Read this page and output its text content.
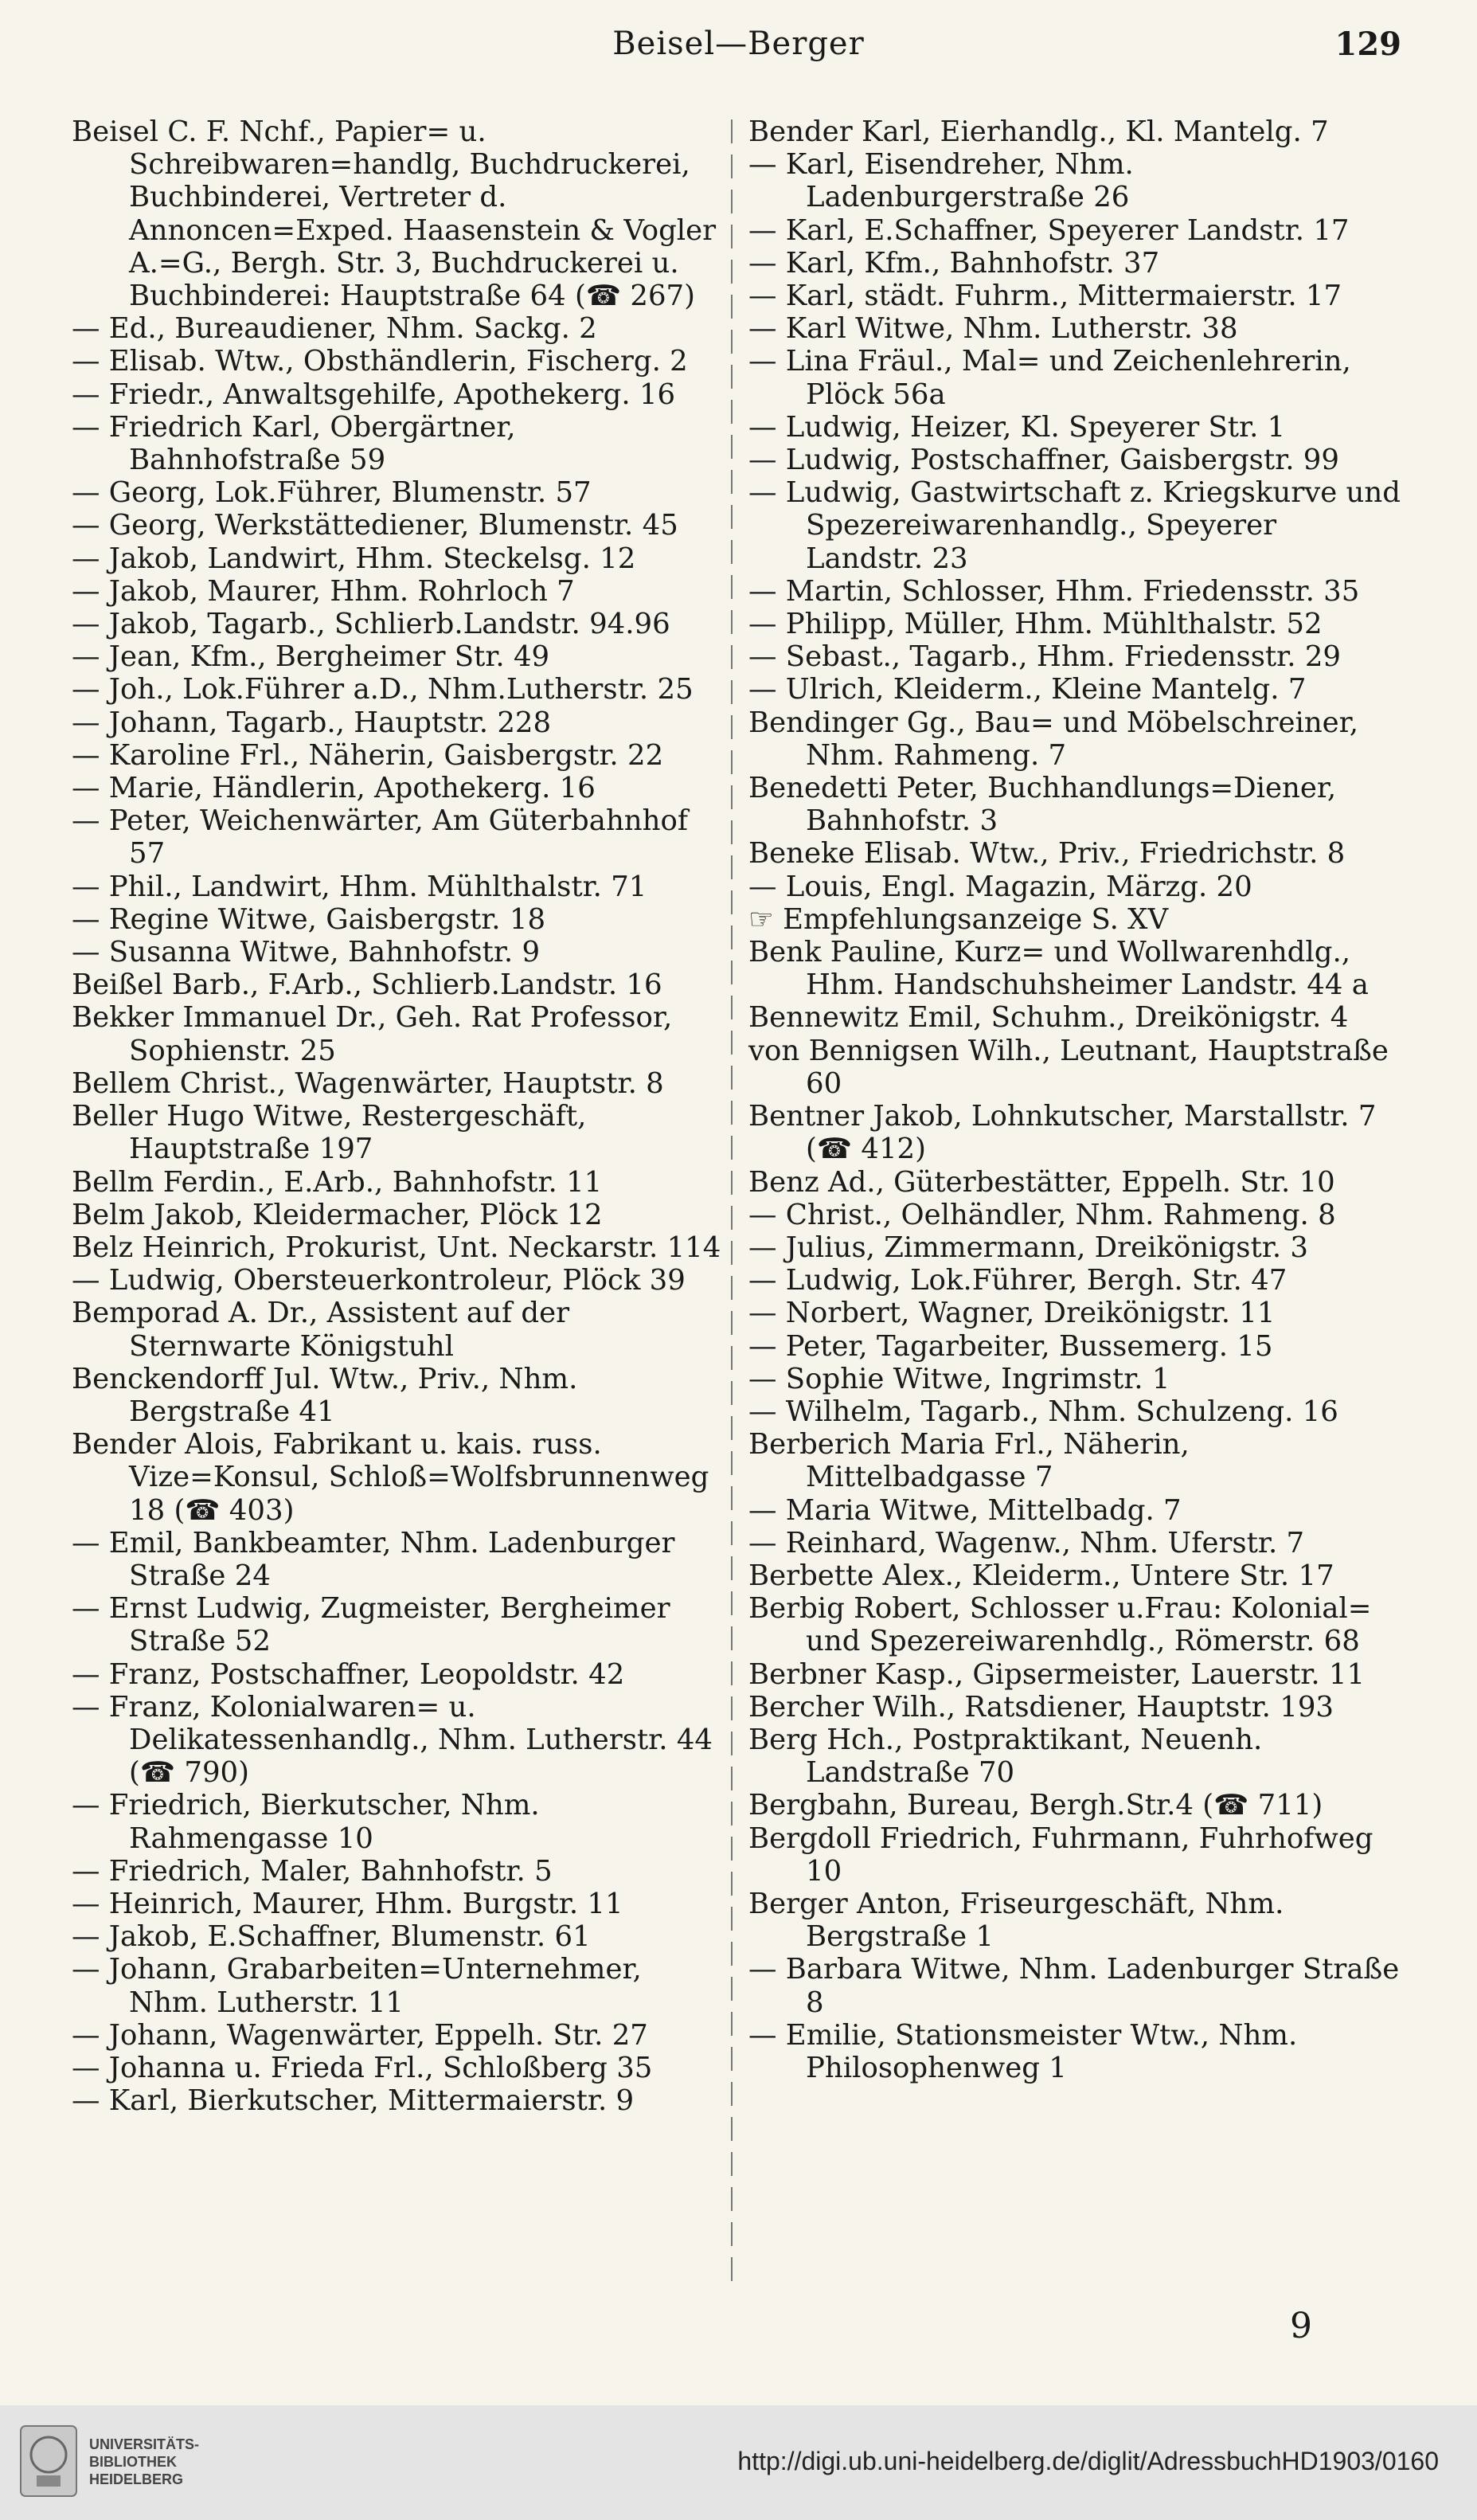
Beisel—Berger	129
Beisel C. F. Nchf., Papier= u. Schreibwaren=handlg, Buchdruckerei, Buchbinderei, Vertreter d. Annoncen=Exped. Haasenstein & Vogler A.=G., Bergh. Str. 3, Buchdruckerei u. Buchbinderei: Hauptstraße 64 (☎ 267)
— Ed., Bureaudiener, Nhm. Sackg. 2
— Elisab. Wtw., Obsthändlerin, Fischerg. 2
— Friedr., Anwaltsgehilfe, Apothekerg. 16
— Friedrich Karl, Obergärtner, Bahnhofstraße 59
— Georg, Lok.Führer, Blumenstr. 57
— Georg, Werkstättediener, Blumenstr. 45
— Jakob, Landwirt, Hhm. Steckelsg. 12
— Jakob, Maurer, Hhm. Rohrloch 7
— Jakob, Tagarb., Schlierb.Landstr. 94.96
— Jean, Kfm., Bergheimer Str. 49
— Joh., Lok.Führer a.D., Nhm.Lutherstr. 25
— Johann, Tagarb., Hauptstr. 228
— Karoline Frl., Näherin, Gaisbergstr. 22
— Marie, Händlerin, Apothekerg. 16
— Peter, Weichenwärter, Am Güterbahnhof 57
— Phil., Landwirt, Hhm. Mühlthalstr. 71
— Regine Witwe, Gaisbergstr. 18
— Susanna Witwe, Bahnhofstr. 9
Beißel Barb., F.Arb., Schlierb.Landstr. 16
Bekker Immanuel Dr., Geh. Rat Professor, Sophienstr. 25
Bellem Christ., Wagenwärter, Hauptstr. 8
Beller Hugo Witwe, Restergeschäft, Hauptstraße 197
Bellm Ferdin., E.Arb., Bahnhofstr. 11
Belm Jakob, Kleidermacher, Plöck 12
Belz Heinrich, Prokurist, Unt. Neckarstr. 114
— Ludwig, Obersteuerkontroleur, Plöck 39
Bemporad A. Dr., Assistent auf der Sternwarte Königstuhl
Benckendorff Jul. Wtw., Priv., Nhm. Bergstraße 41
Bender Alois, Fabrikant u. kais. russ. Vize=Konsul, Schloß=Wolfsbrunnenweg 18 (☎ 403)
— Emil, Bankbeamter, Nhm. Ladenburger Straße 24
— Ernst Ludwig, Zugmeister, Bergheimer Straße 52
— Franz, Postschaffner, Leopoldstr. 42
— Franz, Kolonialwaren= u. Delikatessenhandlg., Nhm. Lutherstr. 44 (☎ 790)
— Friedrich, Bierkutscher, Nhm. Rahmengasse 10
— Friedrich, Maler, Bahnhofstr. 5
— Heinrich, Maurer, Hhm. Burgstr. 11
— Jakob, E.Schaffner, Blumenstr. 61
— Johann, Grabarbeiten=Unternehmer, Nhm. Lutherstr. 11
— Johann, Wagenwärter, Eppelh. Str. 27
— Johanna u. Frieda Frl., Schloßberg 35
— Karl, Bierkutscher, Mittermaierstr. 9
Bender Karl, Eierhandlg., Kl. Mantelg. 7
— Karl, Eisendreher, Nhm. Ladenburgerstraße 26
— Karl, E.Schaffner, Speyerer Landstr. 17
— Karl, Kfm., Bahnhofstr. 37
— Karl, städt. Fuhrm., Mittermaierstr. 17
— Karl Witwe, Nhm. Lutherstr. 38
— Lina Fräul., Mal= und Zeichenlehrerin, Plöck 56a
— Ludwig, Heizer, Kl. Speyerer Str. 1
— Ludwig, Postschaffner, Gaisbergstr. 99
— Ludwig, Gastwirtschaft z. Kriegskurve und Spezereiwarenhandlg., Speyerer Landstr. 23
— Martin, Schlosser, Hhm. Friedensstr. 35
— Philipp, Müller, Hhm. Mühlthalstr. 52
— Sebast., Tagarb., Hhm. Friedensstr. 29
— Ulrich, Kleiderm., Kleine Mantelg. 7
Bendinger Gg., Bau= und Möbelschreiner, Nhm. Rahmeng. 7
Benedetti Peter, Buchhandlungs=Diener, Bahnhofstr. 3
Beneke Elisab. Wtw., Priv., Friedrichstr. 8
— Louis, Engl. Magazin, Märzg. 20
☞ Empfehlungsanzeige S. XV
Benk Pauline, Kurz= und Wollwarenhdlg., Hhm. Handschuhsheimer Landstr. 44 a
Bennewitz Emil, Schuhm., Dreikönigstr. 4
von Bennigsen Wilh., Leutnant, Hauptstraße 60
Bentner Jakob, Lohnkutscher, Marstallstr. 7 (☎ 412)
Benz Ad., Güterbestätter, Eppelh. Str. 10
— Christ., Oelhändler, Nhm. Rahmeng. 8
— Julius, Zimmermann, Dreikönigstr. 3
— Ludwig, Lok.Führer, Bergh. Str. 47
— Norbert, Wagner, Dreikönigstr. 11
— Peter, Tagarbeiter, Bussemerg. 15
— Sophie Witwe, Ingrimstr. 1
— Wilhelm, Tagarb., Nhm. Schulzeng. 16
Berberich Maria Frl., Näherin, Mittelbadgasse 7
— Maria Witwe, Mittelbadg. 7
— Reinhard, Wagenw., Nhm. Uferstr. 7
Berbette Alex., Kleiderm., Untere Str. 17
Berbig Robert, Schlosser u.Frau: Kolonial= und Spezereiwarenhdlg., Römerstr. 68
Berbner Kasp., Gipsermeister, Lauerstr. 11
Bercher Wilh., Ratsdiener, Hauptstr. 193
Berg Hch., Postpraktikant, Neuenh. Landstraße 70
Bergbahn, Bureau, Bergh.Str.4 (☎ 711)
Bergdoll Friedrich, Fuhrmann, Fuhrhofweg 10
Berger Anton, Friseurgeschäft, Nhm. Bergstraße 1
— Barbara Witwe, Nhm. Ladenburger Straße 8
— Emilie, Stationsmeister Wtw., Nhm. Philosophenweg 1
9
UNIVERSITÄTS-
BIBLIOTHEK
HEIDELBERG
http://digi.ub.uni-heidelberg.de/diglit/AdressbuchHD1903/0160
